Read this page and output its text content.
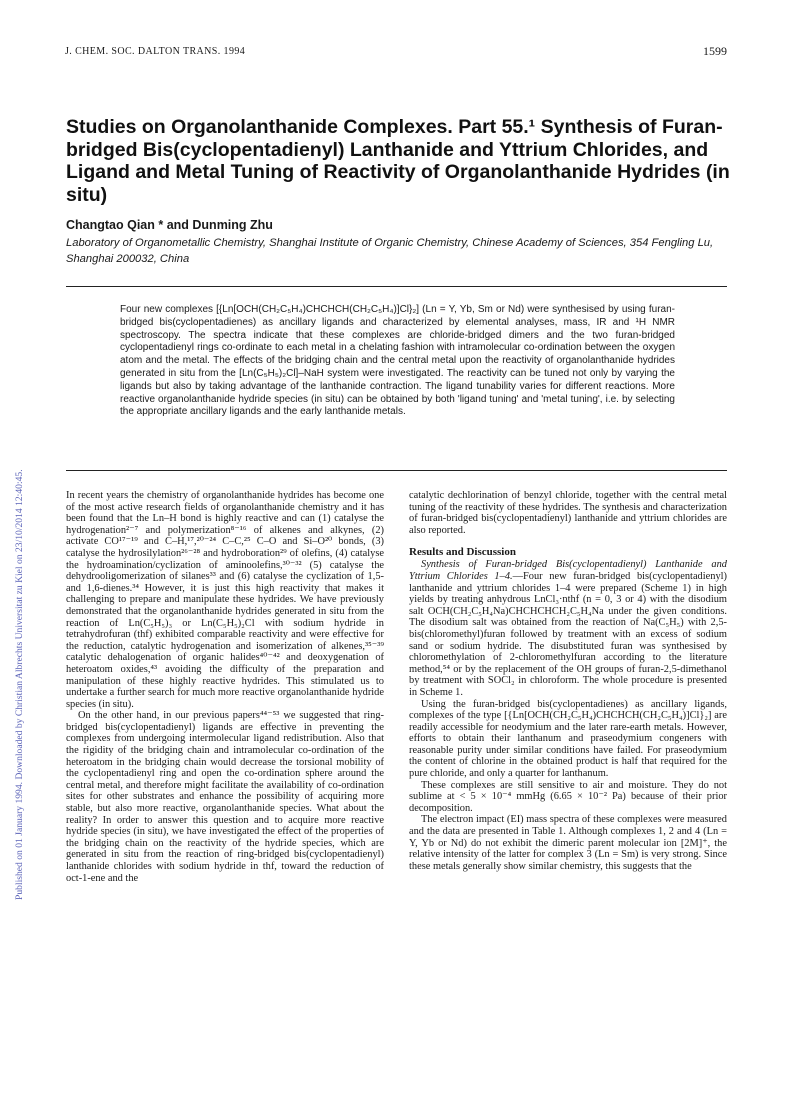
Published on 01 January 1994. Downloaded by Christian Albrechts Universitat zu Kiel on 23/10/2014 12:40:45.
J. CHEM. SOC. DALTON TRANS. 1994	1599
Studies on Organolanthanide Complexes. Part 55.¹ Synthesis of Furan-bridged Bis(cyclopentadienyl) Lanthanide and Yttrium Chlorides, and Ligand and Metal Tuning of Reactivity of Organolanthanide Hydrides (in situ)

Changtao Qian * and Dunming Zhu

Laboratory of Organometallic Chemistry, Shanghai Institute of Organic Chemistry, Chinese Academy of Sciences, 354 Fengling Lu, Shanghai 200032, China

Four new complexes [{Ln[OCH(CH₂C₅H₄)CHCHCH(CH₂C₅H₄)]Cl}₂] (Ln = Y, Yb, Sm or Nd) were synthesised by using furan-bridged bis(cyclopentadienes) as ancillary ligands and characterized by elemental analyses, mass, IR and ¹H NMR spectroscopy. The spectra indicate that these complexes are chloride-bridged dimers and the two furan-bridged cyclopentadienyl rings co-ordinate to each metal in a chelating fashion with intramolecular co-ordination between the oxygen atom and the metal. The effects of the bridging chain and the central metal upon the reactivity of organolanthanide hydrides generated in situ from the [Ln(C₅H₅)₂Cl]–NaH system were investigated. The reactivity can be tuned not only by varying the ligands but also by taking advantage of the lanthanide contraction. The ligand tunability varies for different reactions. More reactive organolanthanide hydride species (in situ) can be obtained by both 'ligand tuning' and 'metal tuning', i.e. by selecting the appropriate ancillary ligands and the early lanthanide metals.

In recent years the chemistry of organolanthanide hydrides has become one of the most active research fields of organolanthanide chemistry and it has been found that the Ln–H bond is highly reactive and can (1) catalyse the hydrogenation²⁻⁷ and polymerization⁸⁻¹⁶ of alkenes and alkynes, (2) activate CO¹⁷⁻¹⁹ and C–H,¹⁷,²⁰⁻²⁴ C–C,²⁵ C–O and Si–O²⁰ bonds, (3) catalyse the hydrosilylation²⁶⁻²⁸ and hydroboration²⁹ of olefins, (4) catalyse the hydroamination/cyclization of aminoolefins,³⁰⁻³² (5) catalyse the dehydrooligomerization of silanes³³ and (6) catalyse the cyclization of 1,5- and 1,6-dienes.³⁴ However, it is just this high reactivity that makes it challenging to prepare and manipulate these hydrides. We have previously demonstrated that the organolanthanide hydrides generated in situ from the reaction of Ln(C₅H₅)₃ or Ln(C₅H₅)₂Cl with sodium hydride in tetrahydrofuran (thf) exhibited comparable reactivity and were effective for the reduction, catalytic hydrogenation and isomerization of alkenes,³⁵⁻³⁹ catalytic dehalogenation of organic halides⁴⁰⁻⁴² and deoxygenation of heteroatom oxides,⁴³ avoiding the difficulty of the preparation and manipulation of these highly reactive hydrides. This stimulated us to undertake a further search for much more reactive organolanthanide hydride species (in situ).

On the other hand, in our previous papers⁴⁴⁻⁵³ we suggested that ring-bridged bis(cyclopentadienyl) ligands are effective in preventing the complexes from undergoing intermolecular ligand redistribution. Also that the rigidity of the bridging chain and intramolecular co-ordination of the heteroatom in the bridging chain would decrease the torsional mobility of the cyclopentadienyl ring and open the co-ordination sphere around the central metal, and therefore might facilitate the availability of co-ordination sites for other substrates and enhance the possibility of acquiring more stable, but also more reactive, organolanthanide species. What about the reality? In order to answer this question and to acquire more reactive hydride species (in situ), we have investigated the effect of the properties of the bridging chain on the reactivity of the hydride species, which are generated in situ from the reaction of ring-bridged bis(cyclopentadienyl) lanthanide chlorides with sodium hydride in thf, toward the reduction of oct-1-ene and the

catalytic dechlorination of benzyl chloride, together with the central metal tuning of the reactivity of these hydrides. The synthesis and characterization of furan-bridged bis(cyclopentadienyl) lanthanide and yttrium chlorides are also reported.

Results and Discussion

Synthesis of Furan-bridged Bis(cyclopentadienyl) Lanthanide and Yttrium Chlorides 1–4.—Four new furan-bridged bis(cyclopentadienyl) lanthanide and yttrium chlorides 1–4 were prepared (Scheme 1) in high yields by treating anhydrous LnCl₃·nthf (n = 0, 3 or 4) with the disodium salt OCH(CH₂C₅H₄Na)CHCHCHCH₂C₅H₄Na under the given conditions. The disodium salt was obtained from the reaction of Na(C₅H₅) with 2,5-bis(chloromethyl)furan followed by treatment with an excess of sodium sand or sodium hydride. The disubstituted furan was synthesised by chloromethylation of 2-chloromethylfuran according to the literature method,⁵⁴ or by the replacement of the OH groups of furan-2,5-dimethanol by treatment with SOCl₂ in chloroform. The whole procedure is presented in Scheme 1.

Using the furan-bridged bis(cyclopentadienes) as ancillary ligands, complexes of the type [{Ln[OCH(CH₂C₅H₄)CHCHCH(CH₂C₅H₄)]Cl}₂] are readily accessible for neodymium and the later rare-earth metals. However, efforts to obtain their lanthanum and praseodymium congeners with reasonable purity under similar conditions have failed. For praseodymium the content of chlorine in the obtained product is half that required for the pure chloride, and only a quarter for lanthanum.

These complexes are still sensitive to air and moisture. They do not sublime at < 5 × 10⁻⁴ mmHg (6.65 × 10⁻² Pa) because of their prior decomposition.

The electron impact (EI) mass spectra of these complexes were measured and the data are presented in Table 1. Although complexes 1, 2 and 4 (Ln = Y, Yb or Nd) do not exhibit the dimeric parent molecular ion [2M]⁺, the relative intensity of the latter for complex 3 (Ln = Sm) is very strong. Since these metals generally show similar chemistry, this suggests that the
